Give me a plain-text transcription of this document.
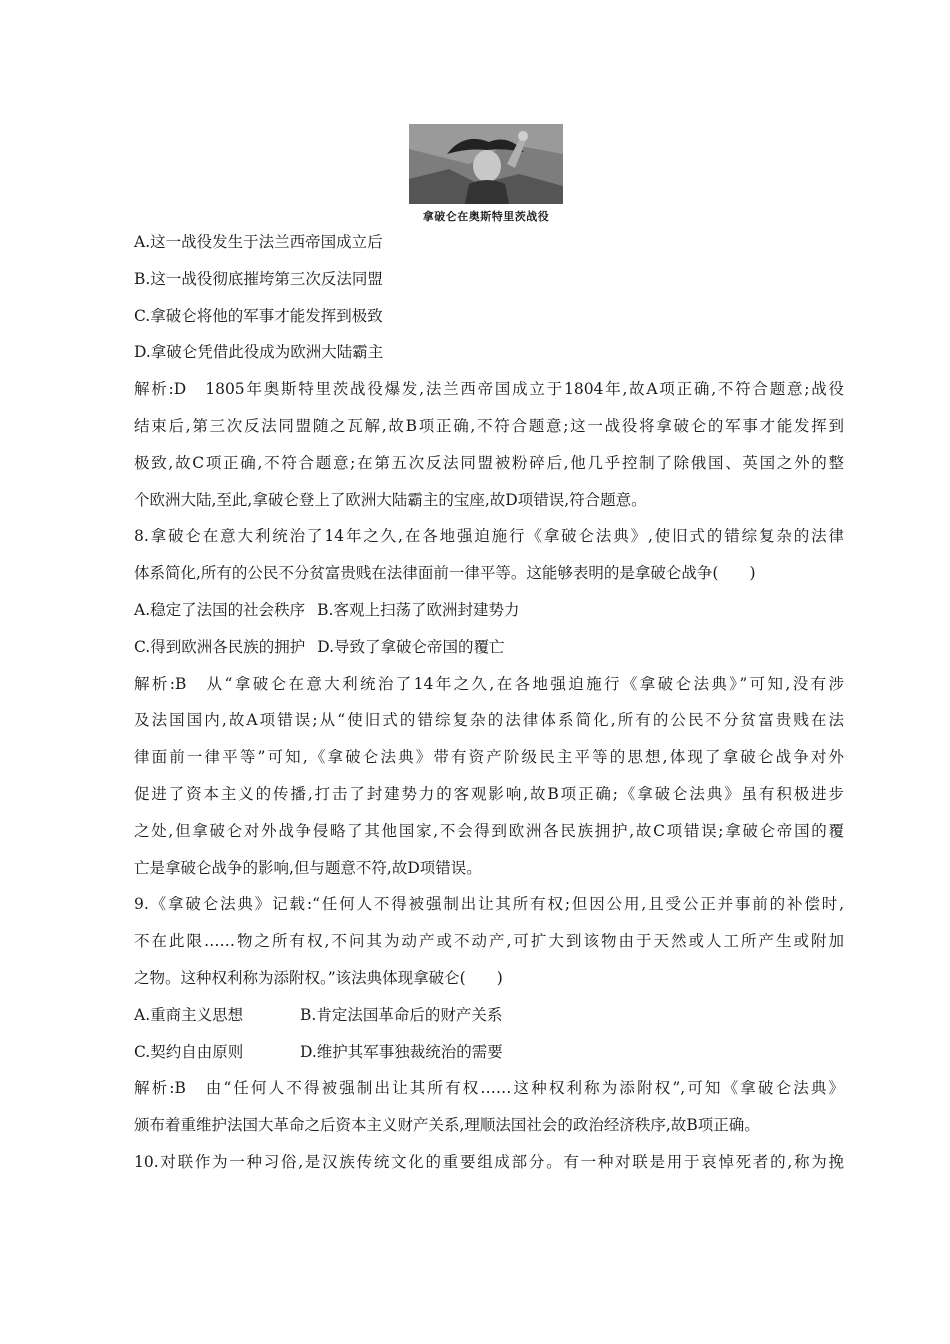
拿破仑在奥斯特里茨战役
A.这一战役发生于法兰西帝国成立后
B.这一战役彻底摧垮第三次反法同盟
C.拿破仑将他的军事才能发挥到极致
D.拿破仑凭借此役成为欧洲大陆霸主
解析:D　1805年奥斯特里茨战役爆发,法兰西帝国成立于1804年,故A项正确,不符合题意;战役
结束后,第三次反法同盟随之瓦解,故B项正确,不符合题意;这一战役将拿破仑的军事才能发挥到
极致,故C项正确,不符合题意;在第五次反法同盟被粉碎后,他几乎控制了除俄国、英国之外的整
个欧洲大陆,至此,拿破仑登上了欧洲大陆霸主的宝座,故D项错误,符合题意。
8.拿破仑在意大利统治了14年之久,在各地强迫施行《拿破仑法典》,使旧式的错综复杂的法律
体系简化,所有的公民不分贫富贵贱在法律面前一律平等。这能够表明的是拿破仑战争(　　)
A.稳定了法国的社会秩序 B.客观上扫荡了欧洲封建势力
C.得到欧洲各民族的拥护 D.导致了拿破仑帝国的覆亡
解析:B　从“拿破仑在意大利统治了14年之久,在各地强迫施行《拿破仑法典》”可知,没有涉
及法国国内,故A项错误;从“使旧式的错综复杂的法律体系简化,所有的公民不分贫富贵贱在法
律面前一律平等”可知,《拿破仑法典》带有资产阶级民主平等的思想,体现了拿破仑战争对外
促进了资本主义的传播,打击了封建势力的客观影响,故B项正确;《拿破仑法典》虽有积极进步
之处,但拿破仑对外战争侵略了其他国家,不会得到欧洲各民族拥护,故C项错误;拿破仑帝国的覆
亡是拿破仑战争的影响,但与题意不符,故D项错误。
9.《拿破仑法典》记载:“任何人不得被强制出让其所有权;但因公用,且受公正并事前的补偿时,
不在此限……物之所有权,不问其为动产或不动产,可扩大到该物由于天然或人工所产生或附加
之物。这种权利称为添附权。”该法典体现拿破仑(　　)
A.重商主义思想	B.肯定法国革命后的财产关系
C.契约自由原则	D.维护其军事独裁统治的需要
解析:B　由“任何人不得被强制出让其所有权……这种权利称为添附权”,可知《拿破仑法典》
颁布着重维护法国大革命之后资本主义财产关系,理顺法国社会的政治经济秩序,故B项正确。
10.对联作为一种习俗,是汉族传统文化的重要组成部分。有一种对联是用于哀悼死者的,称为挽
